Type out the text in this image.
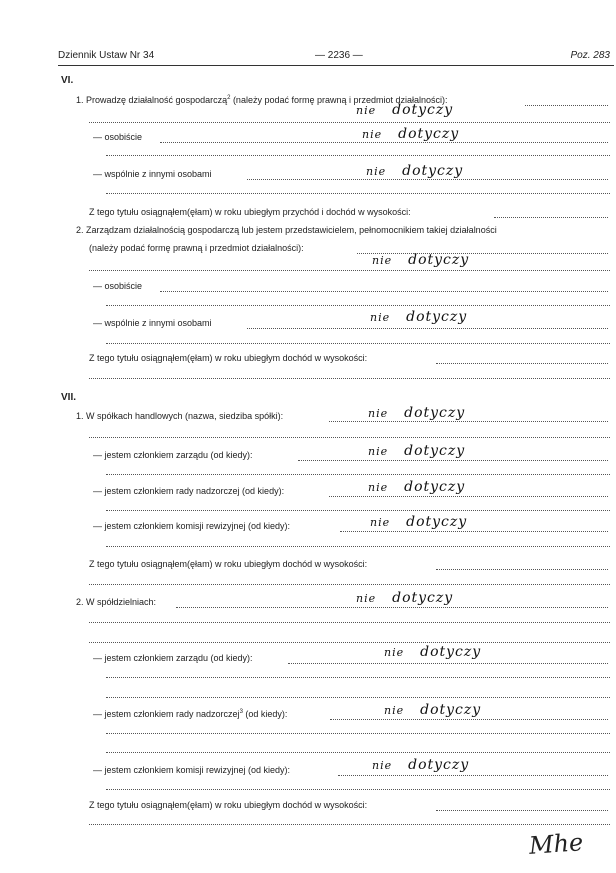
Dziennik Ustaw Nr 34	— 2236 —	Poz. 283
VI.
1. Prowadzę działalność gospodarczą$^2$ (należy podać formę prawną i przedmiot działalności):
nie dotyczy
— osobiście	nie dotyczy
— wspólnie z innymi osobami	nie dotyczy
Z tego tytułu osiągnąłem(ęłam) w roku ubiegłym przychód i dochód w wysokości:
2. Zarządzam działalnością gospodarczą lub jestem przedstawicielem, pełnomocnikiem takiej działalności
(należy podać formę prawną i przedmiot działalności):
nie dotyczy
— osobiście
— wspólnie z innymi osobami	nie dotyczy
Z tego tytułu osiągnąłem(ęłam) w roku ubiegłym dochód w wysokości:
VII.
1. W spółkach handlowych (nazwa, siedziba spółki):	nie dotyczy
— jestem członkiem zarządu (od kiedy):	nie dotyczy
— jestem członkiem rady nadzorczej (od kiedy):	nie dotyczy
— jestem członkiem komisji rewizyjnej (od kiedy):	nie dotyczy
Z tego tytułu osiągnąłem(ęłam) w roku ubiegłym dochód w wysokości:
2. W spółdzielniach:	nie dotyczy
— jestem członkiem zarządu (od kiedy):	nie dotyczy
— jestem członkiem rady nadzorczej$^3$ (od kiedy):	nie dotyczy
— jestem członkiem komisji rewizyjnej (od kiedy):	nie dotyczy
Z tego tytułu osiągnąłem(ęłam) w roku ubiegłym dochód w wysokości:
Mhe
